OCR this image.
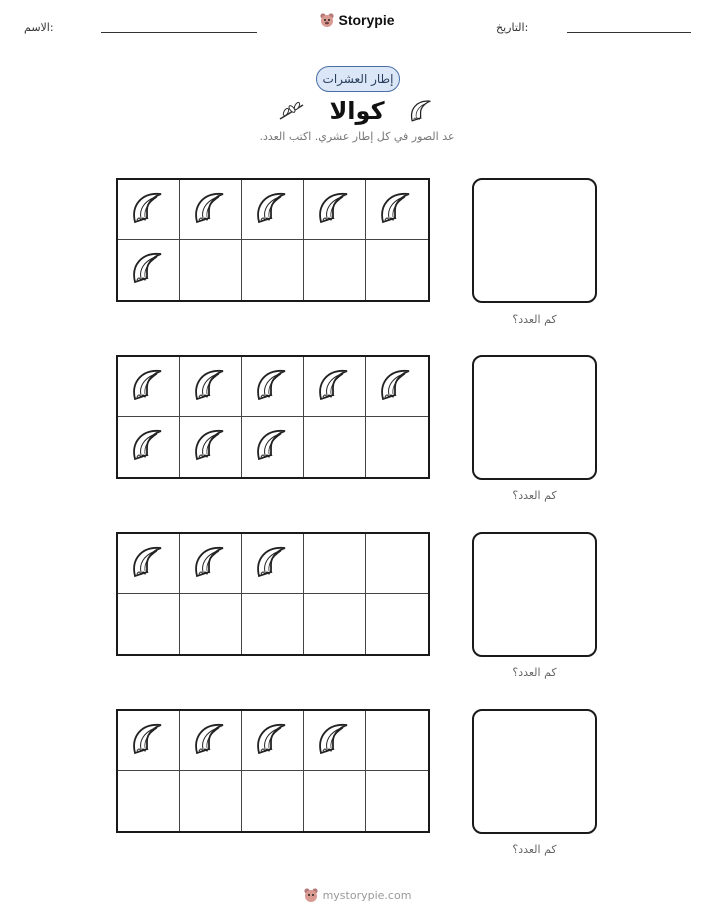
الاسم:	التاريخ:
Storypie
إطار العشرات
كوالا
عد الصور في كل إطار عشري. اكتب العدد.
كم العدد؟
كم العدد؟
كم العدد؟
كم العدد؟
mystorypie.com
